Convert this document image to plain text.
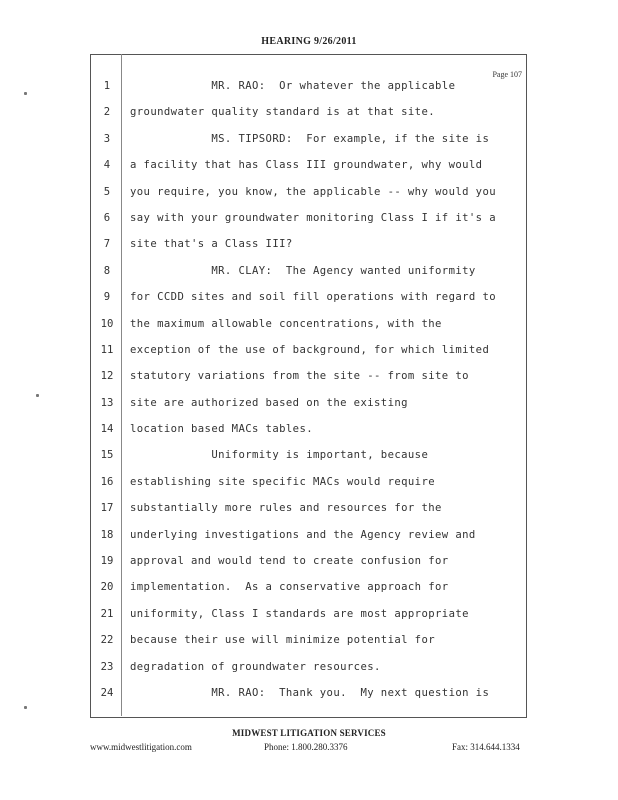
HEARING 9/26/2011
Page 107
1	MR. RAO:  Or whatever the applicable
2	groundwater quality standard is at that site.
3	MS. TIPSORD:  For example, if the site is
4	a facility that has Class III groundwater, why would
5	you require, you know, the applicable -- why would you
6	say with your groundwater monitoring Class I if it's a
7	site that's a Class III?
8	MR. CLAY:  The Agency wanted uniformity
9	for CCDD sites and soil fill operations with regard to
10	the maximum allowable concentrations, with the
11	exception of the use of background, for which limited
12	statutory variations from the site -- from site to
13	site are authorized based on the existing
14	location based MACs tables.
15	Uniformity is important, because
16	establishing site specific MACs would require
17	substantially more rules and resources for the
18	underlying investigations and the Agency review and
19	approval and would tend to create confusion for
20	implementation.  As a conservative approach for
21	uniformity, Class I standards are most appropriate
22	because their use will minimize potential for
23	degradation of groundwater resources.
24	MR. RAO:  Thank you.  My next question is
MIDWEST LITIGATION SERVICES
www.midwestlitigation.com	Phone: 1.800.280.3376	Fax: 314.644.1334
